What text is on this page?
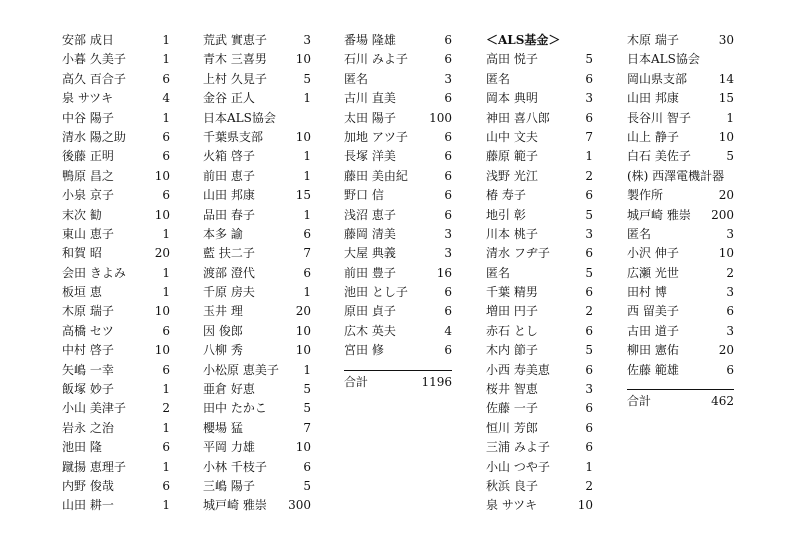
安部 成日	1
小暮 久美子	1
高久 百合子	6
泉 サツキ	4
中谷 陽子	1
清水 陽之助	6
後藤 正明	6
鴨原 昌之	10
小泉 京子	6
末次 勧	10
東山 恵子	1
和賀 昭	20
会田 きよみ	1
板垣 恵	1
木原 瑞子	10
高橋 セツ	6
中村 啓子	10
矢嶋 一幸	6
飯塚 妙子	1
小山 美津子	2
岩永 之治	1
池田 隆	6
蹴揚 恵理子	1
内野 俊哉	6
山田 耕一	1
荒武 實恵子	3
青木 三喜男 10
上村 久見子	5
金谷 正人	1
日本ALS協会
千葉県支部	10
火箱 啓子	1
前田 恵子	1
山田 邦康	15
品田 春子	1
本多 諭	6
藍 扶二子	7
渡部 澄代	6
千原 房夫	1
玉井 理	20
因 俊郎	10
八柳 秀	10
小松原 恵美子 1
亜倉 好恵	5
田中 たかこ	5
櫻場 猛	7
平岡 力雄	10
小林 千枝子	6
三嶋 陽子	5
城戸崎 雅崇 300
番場 隆雄	6
石川 みよ子	6
匿名	3
古川 直美	6
太田 陽子	100
加地 アツ子	6
長塚 洋美	6
藤田 美由紀	6
野口 信	6
浅沼 恵子	6
藤岡 清美	3
大屋 典義	3
前田 豊子	16
池田 とし子	6
原田 貞子	6
広木 英夫	4
宮田 修	6
合計	1196
＜ALS基金＞
高田 悦子	5
匿名	6
岡本 典明	3
神田 喜八郎	6
山中 文夫	7
藤原 範子	1
浅野 光江	2
椿 寿子	6
地引 彰	5
川本 桃子	3
清水 フヂ子	6
匿名	5
千葉 精男	6
増田 円子	2
赤石 とし	6
木内 節子	5
小西 寿美恵	6
桜井 智恵	3
佐藤 一子	6
恒川 芳郎	6
三浦 みよ子	6
小山 つや子	1
秋浜 良子	2
泉 サツキ	10
木原 瑞子	30
日本ALS協会
岡山県支部	14
山田 邦康	15
長谷川 智子	1
山上 静子	10
白石 美佐子	5
(株) 西澤電機計器
製作所	20
城戸崎 雅崇 200
匿名	3
小沢 伸子	10
広瀬 光世	2
田村 博	3
西 留美子	6
古田 道子	3
柳田 憲佑	20
佐藤 範雄	6
合計	462
